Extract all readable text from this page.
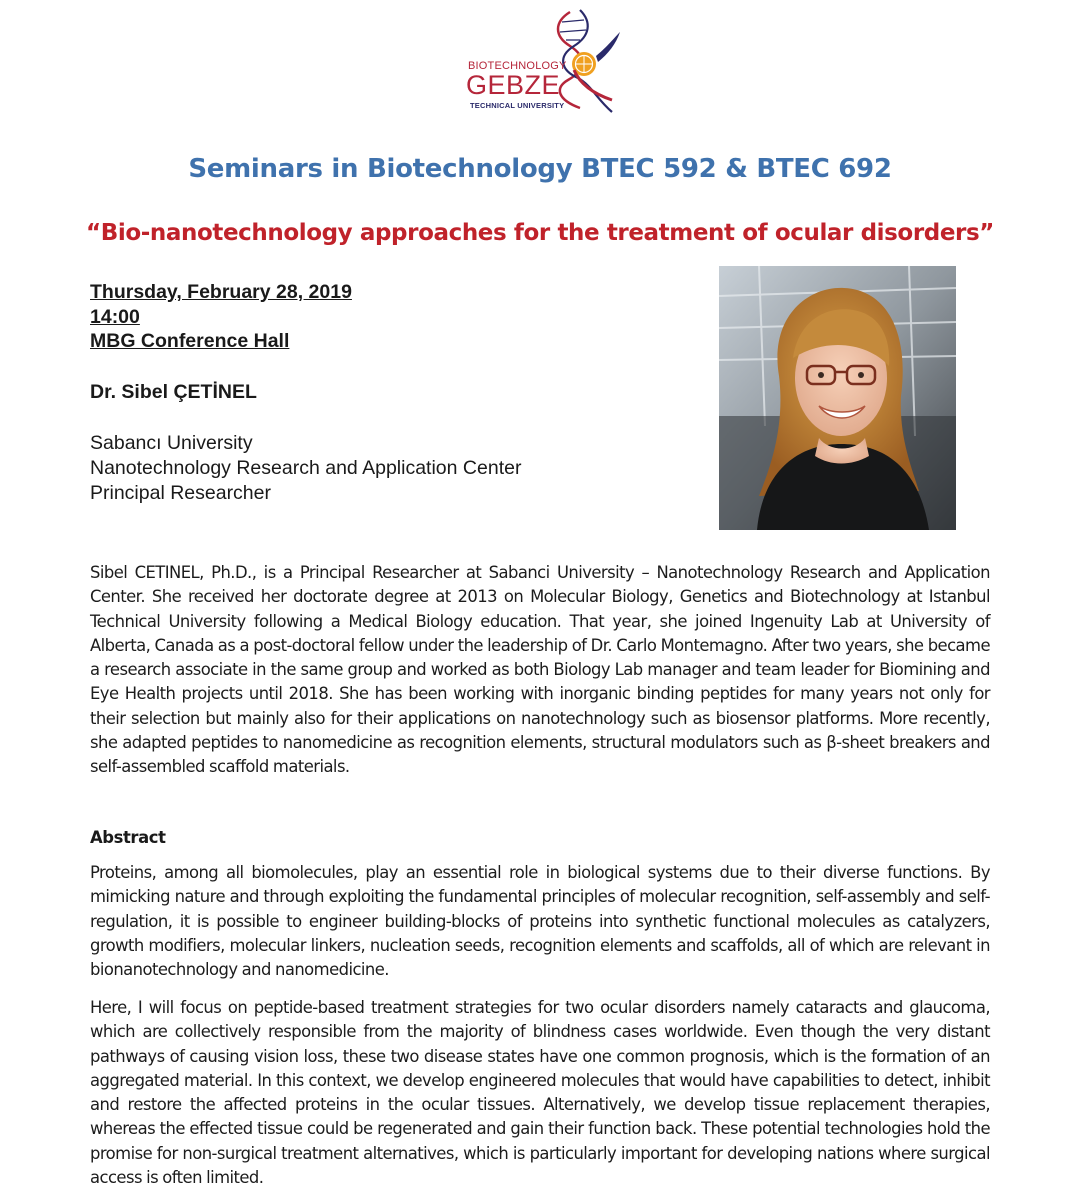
BIOTECHNOLOGY
GEBZE
TECHNICAL UNIVERSITY
Seminars in Biotechnology BTEC 592 & BTEC 692
“Bio-nanotechnology approaches for the treatment of ocular disorders”
Thursday, February 28, 2019
14:00
MBG Conference Hall
Dr. Sibel ÇETİNEL
Sabancı University
Nanotechnology Research and Application Center
Principal Researcher
Sibel CETINEL, Ph.D., is a Principal Researcher at Sabanci University – Nanotechnology Research and Application Center. She received her doctorate degree at 2013 on Molecular Biology, Genetics and Biotechnology at Istanbul Technical University following a Medical Biology education. That year, she joined Ingenuity Lab at University of Alberta, Canada as a post-doctoral fellow under the leadership of Dr. Carlo Montemagno. After two years, she became a research associate in the same group and worked as both Biology Lab manager and team leader for Biomining and Eye Health projects until 2018. She has been working with inorganic binding peptides for many years not only for their selection but mainly also for their applications on nanotechnology such as biosensor platforms. More recently, she adapted peptides to nanomedicine as recognition elements, structural modulators such as β-sheet breakers and self-assembled scaffold materials.
Abstract
Proteins, among all biomolecules, play an essential role in biological systems due to their diverse functions. By mimicking nature and through exploiting the fundamental principles of molecular recognition, self-assembly and self-regulation, it is possible to engineer building-blocks of proteins into synthetic functional molecules as catalyzers, growth modifiers, molecular linkers, nucleation seeds, recognition elements and scaffolds, all of which are relevant in bionanotechnology and nanomedicine.
Here, I will focus on peptide-based treatment strategies for two ocular disorders namely cataracts and glaucoma, which are collectively responsible from the majority of blindness cases worldwide. Even though the very distant pathways of causing vision loss, these two disease states have one common prognosis, which is the formation of an aggregated material. In this context, we develop engineered molecules that would have capabilities to detect, inhibit and restore the affected proteins in the ocular tissues. Alternatively, we develop tissue replacement therapies, whereas the effected tissue could be regenerated and gain their function back. These potential technologies hold the promise for non-surgical treatment alternatives, which is particularly important for developing nations where surgical access is often limited.
